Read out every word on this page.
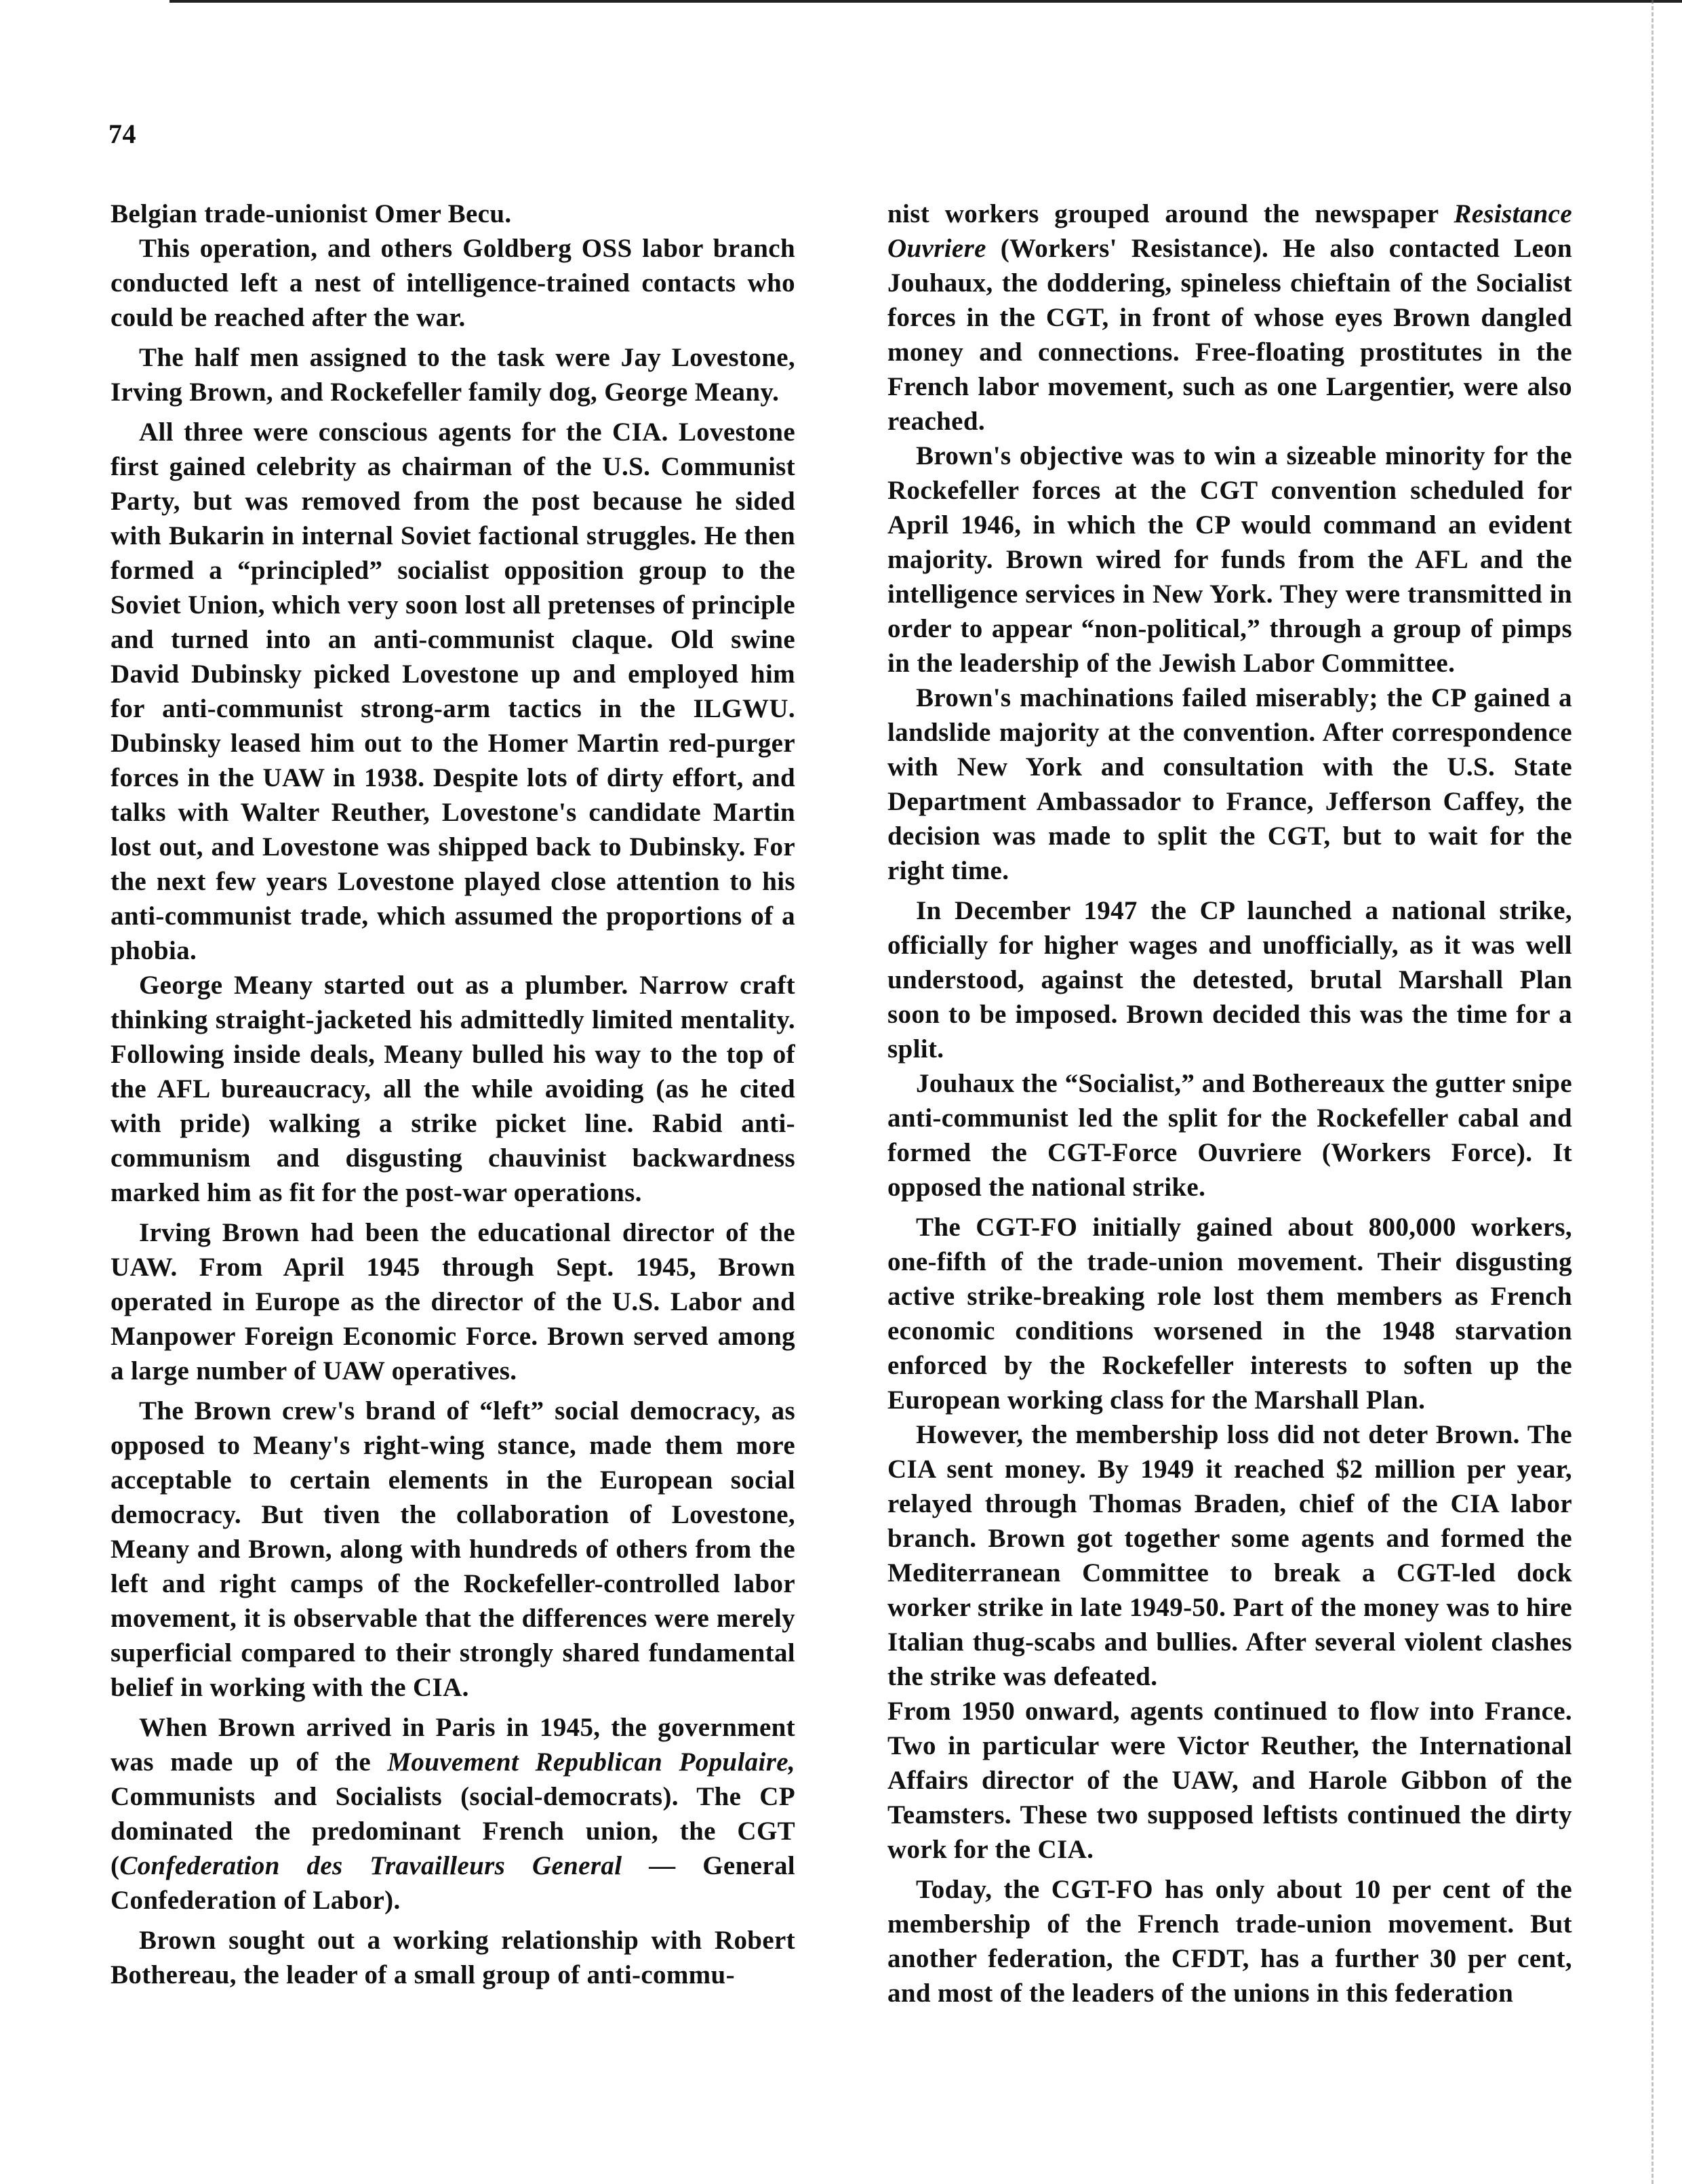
74

Belgian trade-unionist Omer Becu.

This operation, and others Goldberg OSS labor branch conducted left a nest of intelligence-trained contacts who could be reached after the war.

The half men assigned to the task were Jay Lovestone, Irving Brown, and Rockefeller family dog, George Meany.

All three were conscious agents for the CIA. Lovestone first gained celebrity as chairman of the U.S. Communist Party, but was removed from the post because he sided with Bukarin in internal Soviet factional struggles. He then formed a “principled” socialist opposition group to the Soviet Union, which very soon lost all pretenses of principle and turned into an anti-communist claque. Old swine David Dubinsky picked Lovestone up and employed him for anti-communist strong-arm tactics in the ILGWU. Dubinsky leased him out to the Homer Martin red-purger forces in the UAW in 1938. Despite lots of dirty effort, and talks with Walter Reuther, Lovestone's candidate Martin lost out, and Lovestone was shipped back to Dubinsky. For the next few years Lovestone played close attention to his anti-communist trade, which assumed the proportions of a phobia.

George Meany started out as a plumber. Narrow craft thinking straight-jacketed his admittedly limited mentality. Following inside deals, Meany bulled his way to the top of the AFL bureaucracy, all the while avoiding (as he cited with pride) walking a strike picket line. Rabid anti-communism and disgusting chauvinist backwardness marked him as fit for the post-war operations.

Irving Brown had been the educational director of the UAW. From April 1945 through Sept. 1945, Brown operated in Europe as the director of the U.S. Labor and Manpower Foreign Economic Force. Brown served among a large number of UAW operatives.

The Brown crew's brand of “left” social democracy, as opposed to Meany's right-wing stance, made them more acceptable to certain elements in the European social democracy. But tiven the collaboration of Lovestone, Meany and Brown, along with hundreds of others from the left and right camps of the Rockefeller-controlled labor movement, it is observable that the differences were merely superficial compared to their strongly shared fundamental belief in working with the CIA.

When Brown arrived in Paris in 1945, the government was made up of the Mouvement Republican Populaire, Communists and Socialists (social-democrats). The CP dominated the predominant French union, the CGT (Confederation des Travailleurs General — General Confederation of Labor).

Brown sought out a working relationship with Robert Bothereau, the leader of a small group of anti-commu-

nist workers grouped around the newspaper Resistance Ouvriere (Workers' Resistance). He also contacted Leon Jouhaux, the doddering, spineless chieftain of the Socialist forces in the CGT, in front of whose eyes Brown dangled money and connections. Free-floating prostitutes in the French labor movement, such as one Largentier, were also reached.

Brown's objective was to win a sizeable minority for the Rockefeller forces at the CGT convention scheduled for April 1946, in which the CP would command an evident majority. Brown wired for funds from the AFL and the intelligence services in New York. They were transmitted in order to appear “non-political,” through a group of pimps in the leadership of the Jewish Labor Committee.

Brown's machinations failed miserably; the CP gained a landslide majority at the convention. After correspondence with New York and consultation with the U.S. State Department Ambassador to France, Jefferson Caffey, the decision was made to split the CGT, but to wait for the right time.

In December 1947 the CP launched a national strike, officially for higher wages and unofficially, as it was well understood, against the detested, brutal Marshall Plan soon to be imposed. Brown decided this was the time for a split.

Jouhaux the “Socialist,” and Bothereaux the gutter snipe anti-communist led the split for the Rockefeller cabal and formed the CGT-Force Ouvriere (Workers Force). It opposed the national strike.

The CGT-FO initially gained about 800,000 workers, one-fifth of the trade-union movement. Their disgusting active strike-breaking role lost them members as French economic conditions worsened in the 1948 starvation enforced by the Rockefeller interests to soften up the European working class for the Marshall Plan.

However, the membership loss did not deter Brown. The CIA sent money. By 1949 it reached $2 million per year, relayed through Thomas Braden, chief of the CIA labor branch. Brown got together some agents and formed the Mediterranean Committee to break a CGT-led dock worker strike in late 1949-50. Part of the money was to hire Italian thug-scabs and bullies. After several violent clashes the strike was defeated.

From 1950 onward, agents continued to flow into France. Two in particular were Victor Reuther, the International Affairs director of the UAW, and Harole Gibbon of the Teamsters. These two supposed leftists continued the dirty work for the CIA.

Today, the CGT-FO has only about 10 per cent of the membership of the French trade-union movement. But another federation, the CFDT, has a further 30 per cent, and most of the leaders of the unions in this federation
